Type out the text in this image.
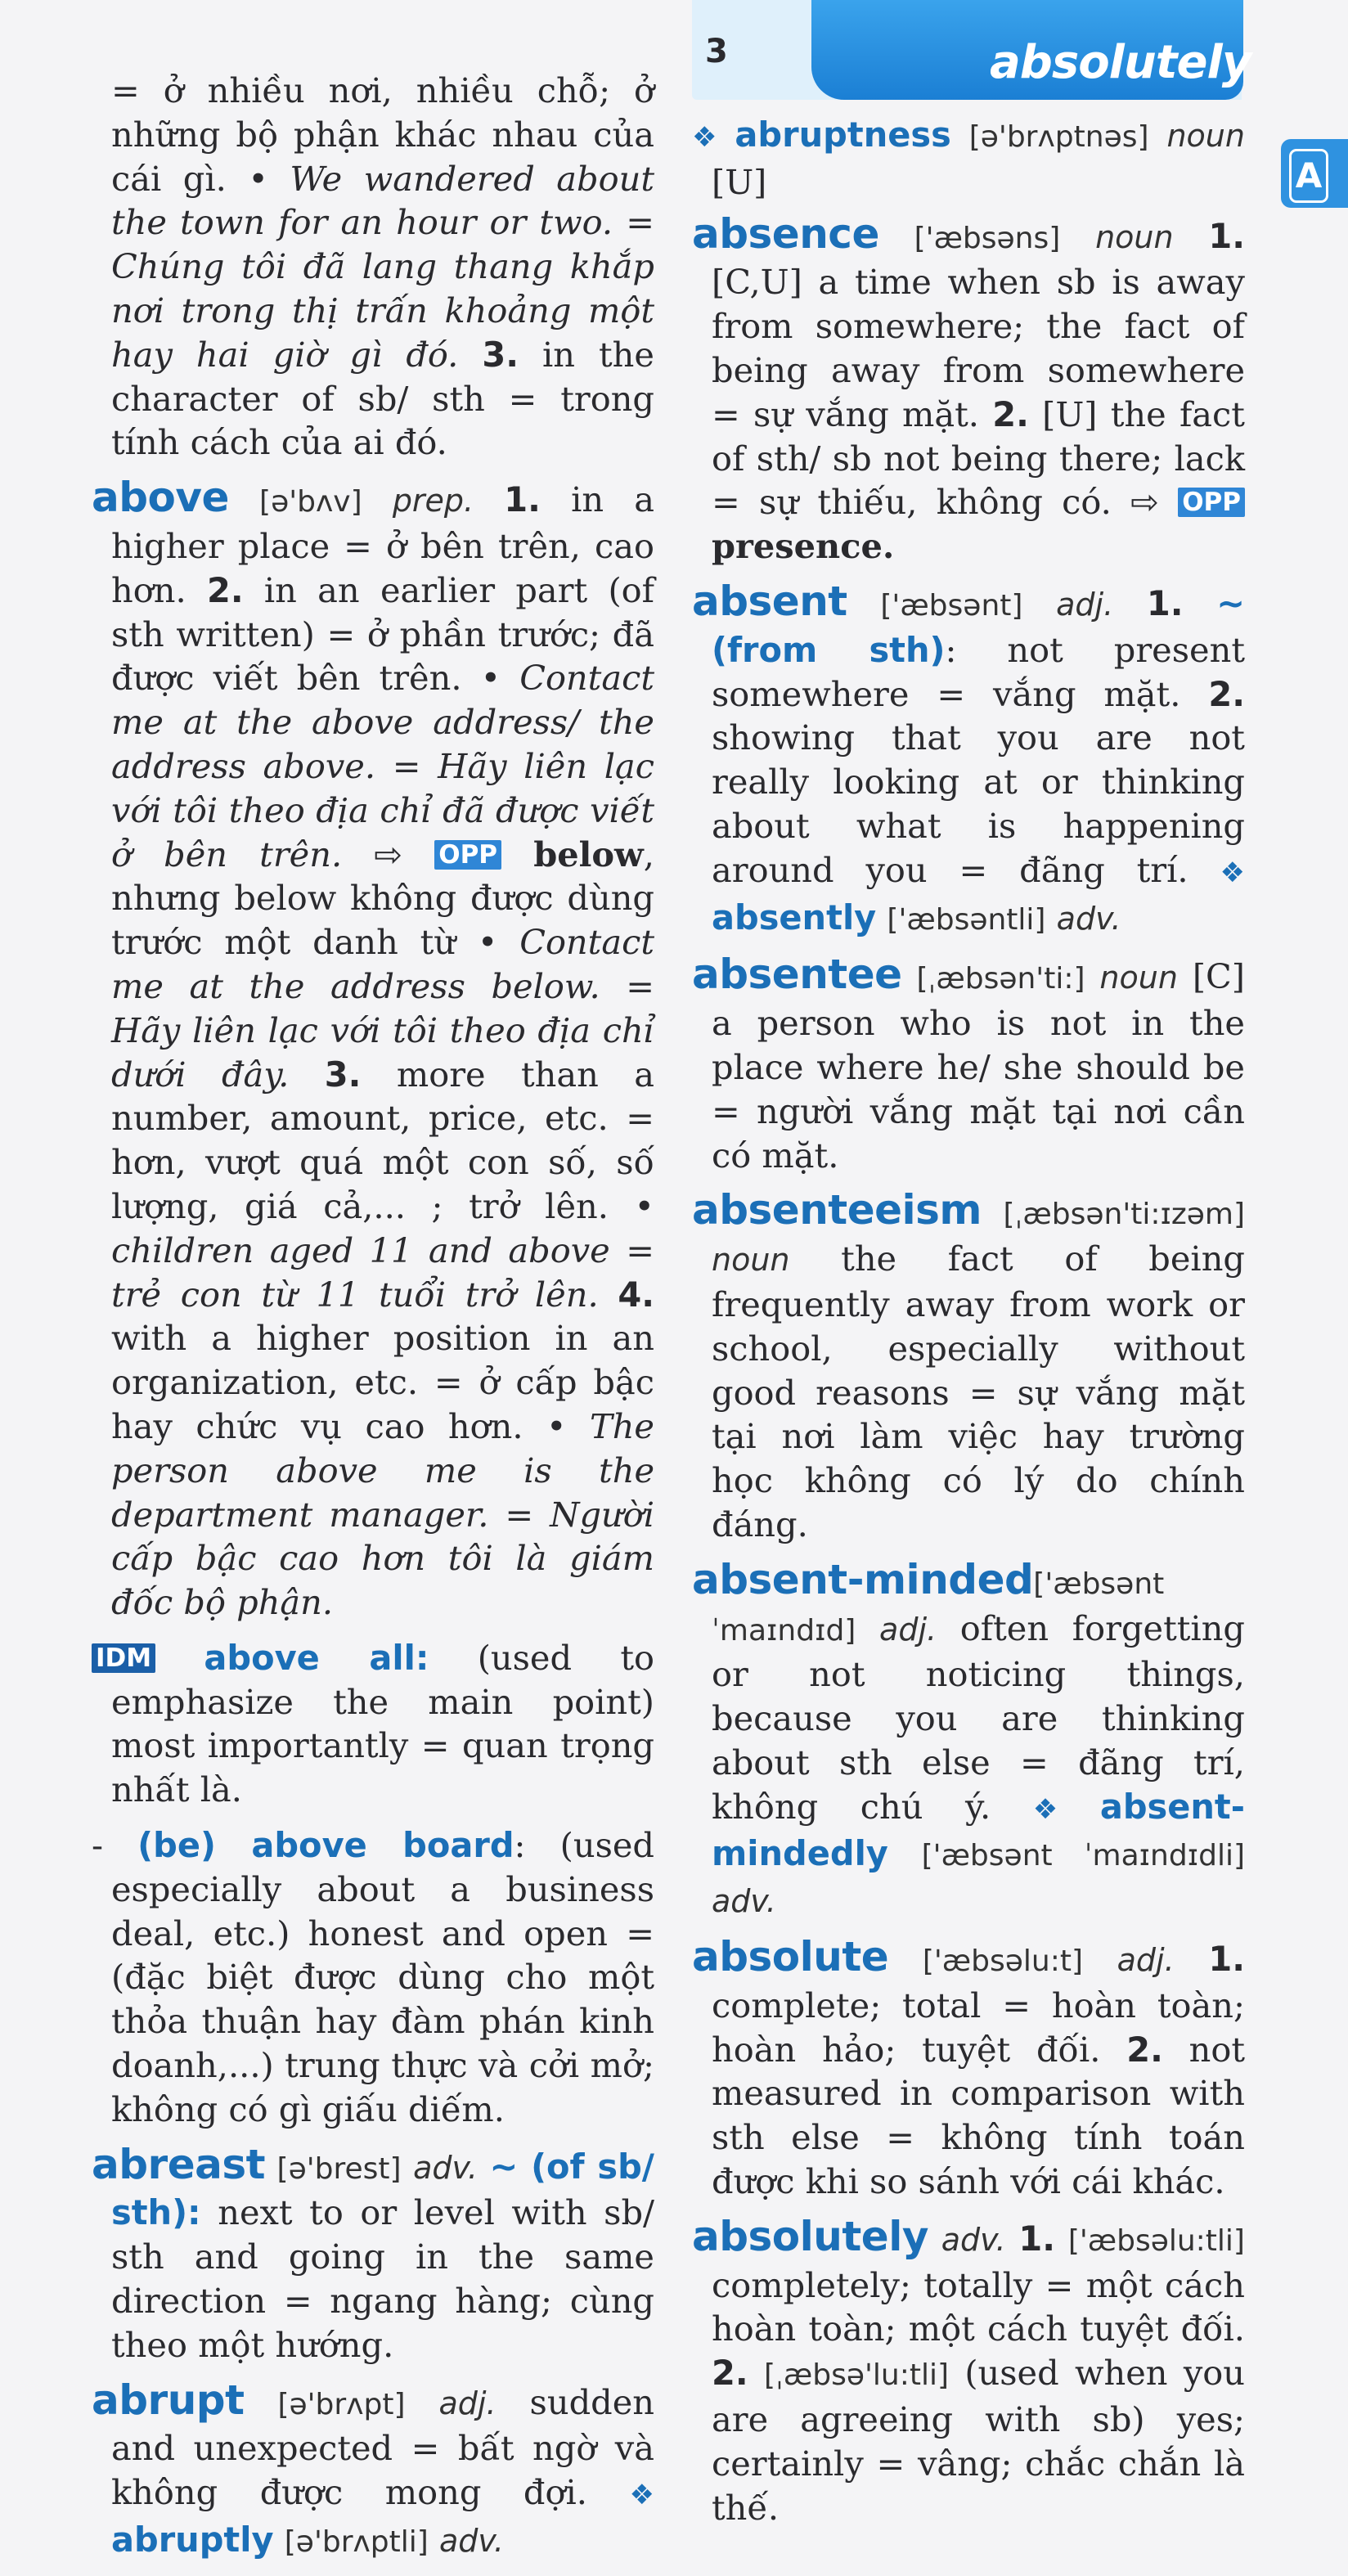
3	absolutely
A

= ở nhiều nơi, nhiều chỗ; ở những bộ phận khác nhau của cái gì. • We wandered about the town for an hour or two. = Chúng tôi đã lang thang khắp nơi trong thị trấn khoảng một hay hai giờ gì đó. 3. in the character of sb/ sth = trong tính cách của ai đó.

above [ə'bʌv] prep. 1. in a higher place = ở bên trên, cao hơn. 2. in an earlier part (of sth written) = ở phần trước; đã được viết bên trên. • Contact me at the above address/ the address above. = Hãy liên lạc với tôi theo địa chỉ đã được viết ở bên trên. ⇨ OPP below, nhưng below không được dùng trước một danh từ • Contact me at the address below. = Hãy liên lạc với tôi theo địa chỉ dưới đây. 3. more than a number, amount, price, etc. = hơn, vượt quá một con số, số lượng, giá cả,... ; trở lên. • children aged 11 and above = trẻ con từ 11 tuổi trở lên. 4. with a higher position in an organization, etc. = ở cấp bậc hay chức vụ cao hơn. • The person above me is the department manager. = Người cấp bậc cao hơn tôi là giám đốc bộ phận.

IDM above all: (used to emphasize the main point) most importantly = quan trọng nhất là.

- (be) above board: (used especially about a business deal, etc.) honest and open = (đặc biệt được dùng cho một thỏa thuận hay đàm phán kinh doanh,...) trung thực và cởi mở; không có gì giấu diếm.

abreast [ə'brest] adv. ~ (of sb/ sth): next to or level with sb/ sth and going in the same direction = ngang hàng; cùng theo một hướng.

abrupt [ə'brʌpt] adj. sudden and unexpected = bất ngờ và không được mong đợi. ❖ abruptly [ə'brʌptli] adv.

❖ abruptness [ə'brʌptnəs] noun [U]

absence ['æbsəns] noun 1. [C,U] a time when sb is away from somewhere; the fact of being away from somewhere = sự vắng mặt. 2. [U] the fact of sth/ sb not being there; lack = sự thiếu, không có. ⇨ OPP presence.

absent ['æbsənt] adj. 1. ~ (from sth): not present somewhere = vắng mặt. 2. showing that you are not really looking at or thinking about what is happening around you = đãng trí. ❖ absently ['æbsəntli] adv.

absentee [ˌæbsən'ti:] noun [C] a person who is not in the place where he/ she should be = người vắng mặt tại nơi cần có mặt.

absenteeism [ˌæbsən'ti:ɪzəm] noun the fact of being frequently away from work or school, especially without good reasons = sự vắng mặt tại nơi làm việc hay trường học không có lý do chính đáng.

absent-minded['æbsənt ˈmaɪndɪd] adj. often forgetting or not noticing things, because you are thinking about sth else = đãng trí, không chú ý. ❖ absent-mindedly ['æbsənt ˈmaɪndɪdli] adv.

absolute ['æbsəlu:t] adj. 1. complete; total = hoàn toàn; hoàn hảo; tuyệt đối. 2. not measured in comparison with sth else = không tính toán được khi so sánh với cái khác.

absolutely adv. 1. ['æbsəlu:tli] completely; totally = một cách hoàn toàn; một cách tuyệt đối. 2. [ˌæbsə'lu:tli] (used when you are agreeing with sb) yes; certainly = vâng; chắc chắn là thế.
